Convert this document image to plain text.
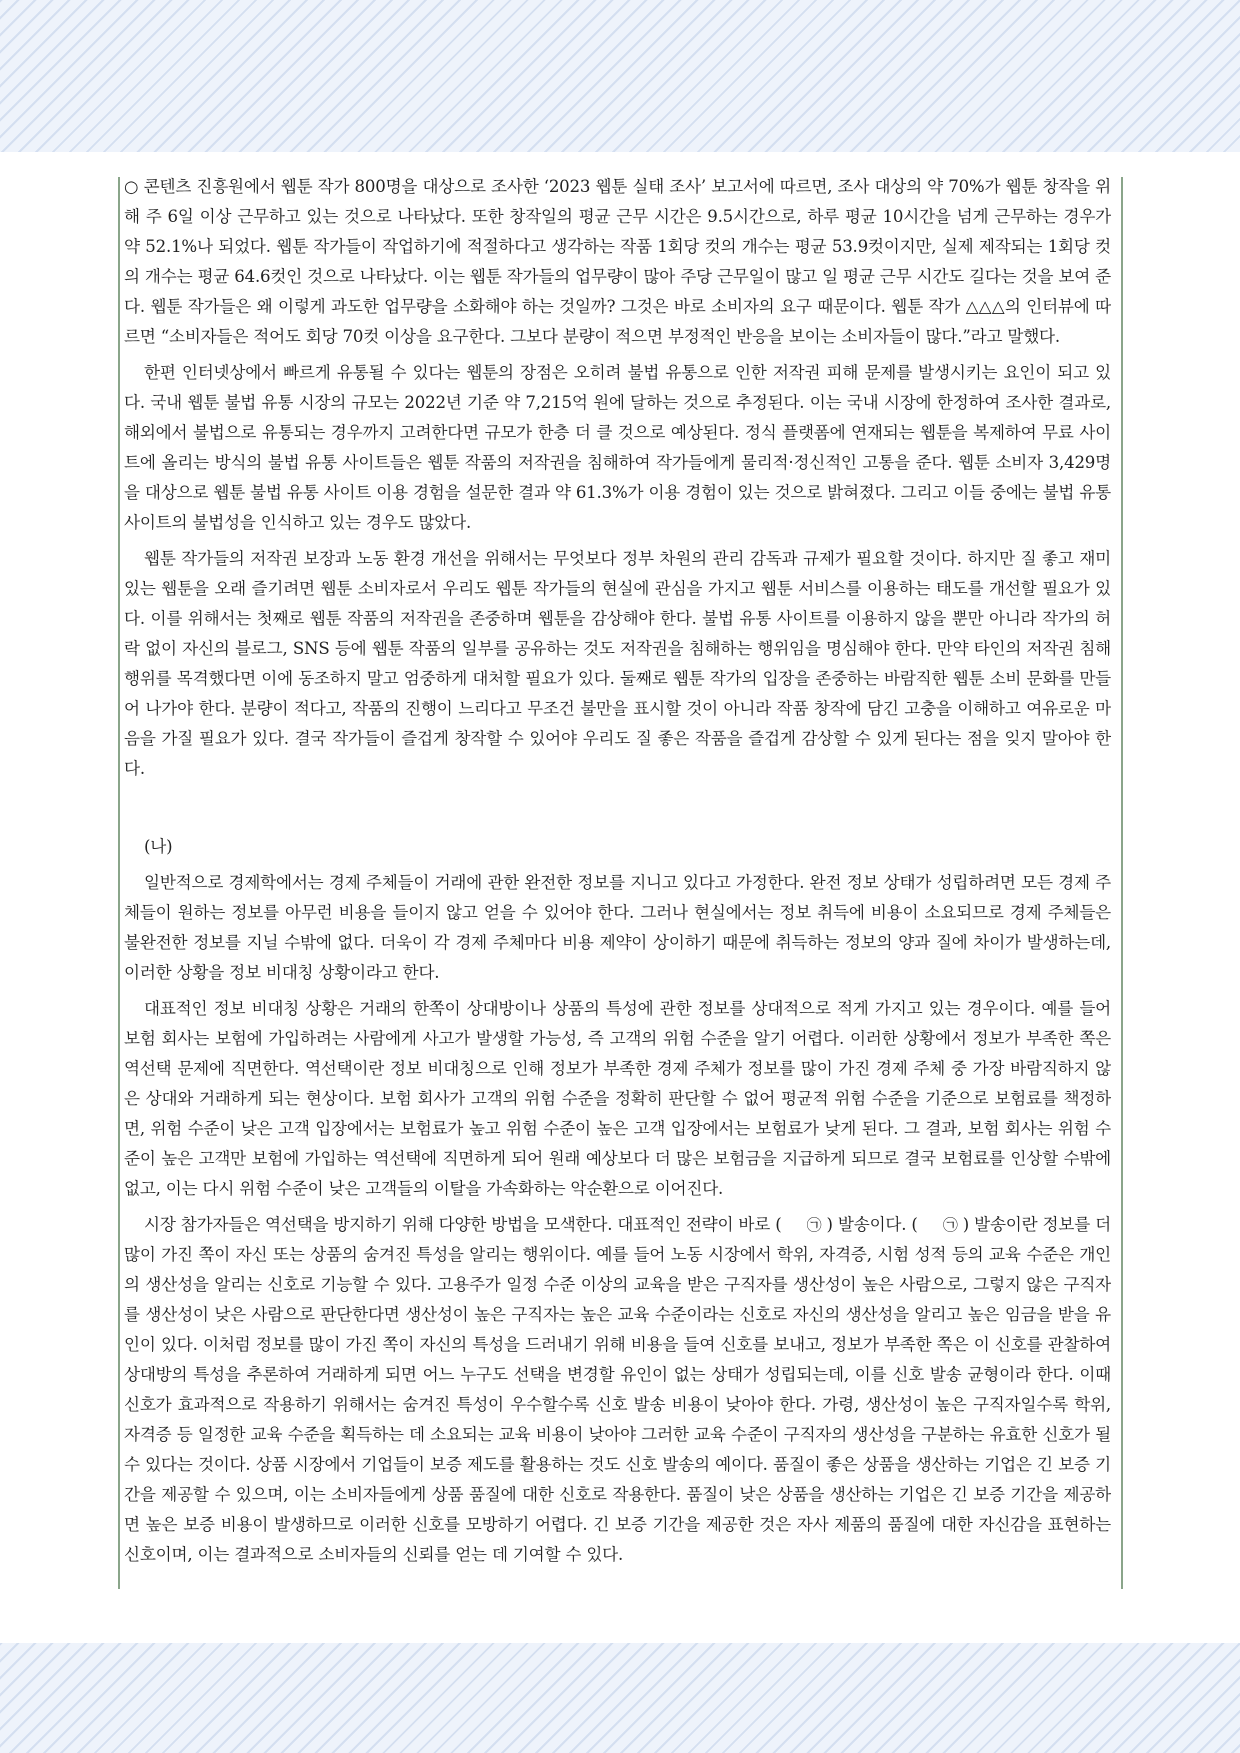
○ 콘텐츠 진흥원에서 웹툰 작가 800명을 대상으로 조사한 ‘2023 웹툰 실태 조사’ 보고서에 따르면, 조사 대상의 약 70%가 웹툰 창작을 위해 주 6일 이상 근무하고 있는 것으로 나타났다. 또한 창작일의 평균 근무 시간은 9.5시간으로, 하루 평균 10시간을 넘게 근무하는 경우가 약 52.1%나 되었다. 웹툰 작가들이 작업하기에 적절하다고 생각하는 작품 1회당 컷의 개수는 평균 53.9컷이지만, 실제 제작되는 1회당 컷의 개수는 평균 64.6컷인 것으로 나타났다. 이는 웹툰 작가들의 업무량이 많아 주당 근무일이 많고 일 평균 근무 시간도 길다는 것을 보여 준다. 웹툰 작가들은 왜 이렇게 과도한 업무량을 소화해야 하는 것일까? 그것은 바로 소비자의 요구 때문이다. 웹툰 작가 △△△의 인터뷰에 따르면 “소비자들은 적어도 회당 70컷 이상을 요구한다. 그보다 분량이 적으면 부정적인 반응을 보이는 소비자들이 많다.”라고 말했다.

한편 인터넷상에서 빠르게 유통될 수 있다는 웹툰의 장점은 오히려 불법 유통으로 인한 저작권 피해 문제를 발생시키는 요인이 되고 있다. 국내 웹툰 불법 유통 시장의 규모는 2022년 기준 약 7,215억 원에 달하는 것으로 추정된다. 이는 국내 시장에 한정하여 조사한 결과로, 해외에서 불법으로 유통되는 경우까지 고려한다면 규모가 한층 더 클 것으로 예상된다. 정식 플랫폼에 연재되는 웹툰을 복제하여 무료 사이트에 올리는 방식의 불법 유통 사이트들은 웹툰 작품의 저작권을 침해하여 작가들에게 물리적·정신적인 고통을 준다. 웹툰 소비자 3,429명을 대상으로 웹툰 불법 유통 사이트 이용 경험을 설문한 결과 약 61.3%가 이용 경험이 있는 것으로 밝혀졌다. 그리고 이들 중에는 불법 유통 사이트의 불법성을 인식하고 있는 경우도 많았다.

웹툰 작가들의 저작권 보장과 노동 환경 개선을 위해서는 무엇보다 정부 차원의 관리 감독과 규제가 필요할 것이다. 하지만 질 좋고 재미있는 웹툰을 오래 즐기려면 웹툰 소비자로서 우리도 웹툰 작가들의 현실에 관심을 가지고 웹툰 서비스를 이용하는 태도를 개선할 필요가 있다. 이를 위해서는 첫째로 웹툰 작품의 저작권을 존중하며 웹툰을 감상해야 한다. 불법 유통 사이트를 이용하지 않을 뿐만 아니라 작가의 허락 없이 자신의 블로그, SNS 등에 웹툰 작품의 일부를 공유하는 것도 저작권을 침해하는 행위임을 명심해야 한다. 만약 타인의 저작권 침해 행위를 목격했다면 이에 동조하지 말고 엄중하게 대처할 필요가 있다. 둘째로 웹툰 작가의 입장을 존중하는 바람직한 웹툰 소비 문화를 만들어 나가야 한다. 분량이 적다고, 작품의 진행이 느리다고 무조건 불만을 표시할 것이 아니라 작품 창작에 담긴 고충을 이해하고 여유로운 마음을 가질 필요가 있다. 결국 작가들이 즐겁게 창작할 수 있어야 우리도 질 좋은 작품을 즐겁게 감상할 수 있게 된다는 점을 잊지 말아야 한다.

(나)

일반적으로 경제학에서는 경제 주체들이 거래에 관한 완전한 정보를 지니고 있다고 가정한다. 완전 정보 상태가 성립하려면 모든 경제 주체들이 원하는 정보를 아무런 비용을 들이지 않고 얻을 수 있어야 한다. 그러나 현실에서는 정보 취득에 비용이 소요되므로 경제 주체들은 불완전한 정보를 지닐 수밖에 없다. 더욱이 각 경제 주체마다 비용 제약이 상이하기 때문에 취득하는 정보의 양과 질에 차이가 발생하는데, 이러한 상황을 정보 비대칭 상황이라고 한다.

대표적인 정보 비대칭 상황은 거래의 한쪽이 상대방이나 상품의 특성에 관한 정보를 상대적으로 적게 가지고 있는 경우이다. 예를 들어 보험 회사는 보험에 가입하려는 사람에게 사고가 발생할 가능성, 즉 고객의 위험 수준을 알기 어렵다. 이러한 상황에서 정보가 부족한 쪽은 역선택 문제에 직면한다. 역선택이란 정보 비대칭으로 인해 정보가 부족한 경제 주체가 정보를 많이 가진 경제 주체 중 가장 바람직하지 않은 상대와 거래하게 되는 현상이다. 보험 회사가 고객의 위험 수준을 정확히 판단할 수 없어 평균적 위험 수준을 기준으로 보험료를 책정하면, 위험 수준이 낮은 고객 입장에서는 보험료가 높고 위험 수준이 높은 고객 입장에서는 보험료가 낮게 된다. 그 결과, 보험 회사는 위험 수준이 높은 고객만 보험에 가입하는 역선택에 직면하게 되어 원래 예상보다 더 많은 보험금을 지급하게 되므로 결국 보험료를 인상할 수밖에 없고, 이는 다시 위험 수준이 낮은 고객들의 이탈을 가속화하는 악순환으로 이어진다.

시장 참가자들은 역선택을 방지하기 위해 다양한 방법을 모색한다. 대표적인 전략이 바로 ( ㉠ ) 발송이다. ( ㉠ ) 발송이란 정보를 더 많이 가진 쪽이 자신 또는 상품의 숨겨진 특성을 알리는 행위이다. 예를 들어 노동 시장에서 학위, 자격증, 시험 성적 등의 교육 수준은 개인의 생산성을 알리는 신호로 기능할 수 있다. 고용주가 일정 수준 이상의 교육을 받은 구직자를 생산성이 높은 사람으로, 그렇지 않은 구직자를 생산성이 낮은 사람으로 판단한다면 생산성이 높은 구직자는 높은 교육 수준이라는 신호로 자신의 생산성을 알리고 높은 임금을 받을 유인이 있다. 이처럼 정보를 많이 가진 쪽이 자신의 특성을 드러내기 위해 비용을 들여 신호를 보내고, 정보가 부족한 쪽은 이 신호를 관찰하여 상대방의 특성을 추론하여 거래하게 되면 어느 누구도 선택을 변경할 유인이 없는 상태가 성립되는데, 이를 신호 발송 균형이라 한다. 이때 신호가 효과적으로 작용하기 위해서는 숨겨진 특성이 우수할수록 신호 발송 비용이 낮아야 한다. 가령, 생산성이 높은 구직자일수록 학위, 자격증 등 일정한 교육 수준을 획득하는 데 소요되는 교육 비용이 낮아야 그러한 교육 수준이 구직자의 생산성을 구분하는 유효한 신호가 될 수 있다는 것이다. 상품 시장에서 기업들이 보증 제도를 활용하는 것도 신호 발송의 예이다. 품질이 좋은 상품을 생산하는 기업은 긴 보증 기간을 제공할 수 있으며, 이는 소비자들에게 상품 품질에 대한 신호로 작용한다. 품질이 낮은 상품을 생산하는 기업은 긴 보증 기간을 제공하면 높은 보증 비용이 발생하므로 이러한 신호를 모방하기 어렵다. 긴 보증 기간을 제공한 것은 자사 제품의 품질에 대한 자신감을 표현하는 신호이며, 이는 결과적으로 소비자들의 신뢰를 얻는 데 기여할 수 있다.
